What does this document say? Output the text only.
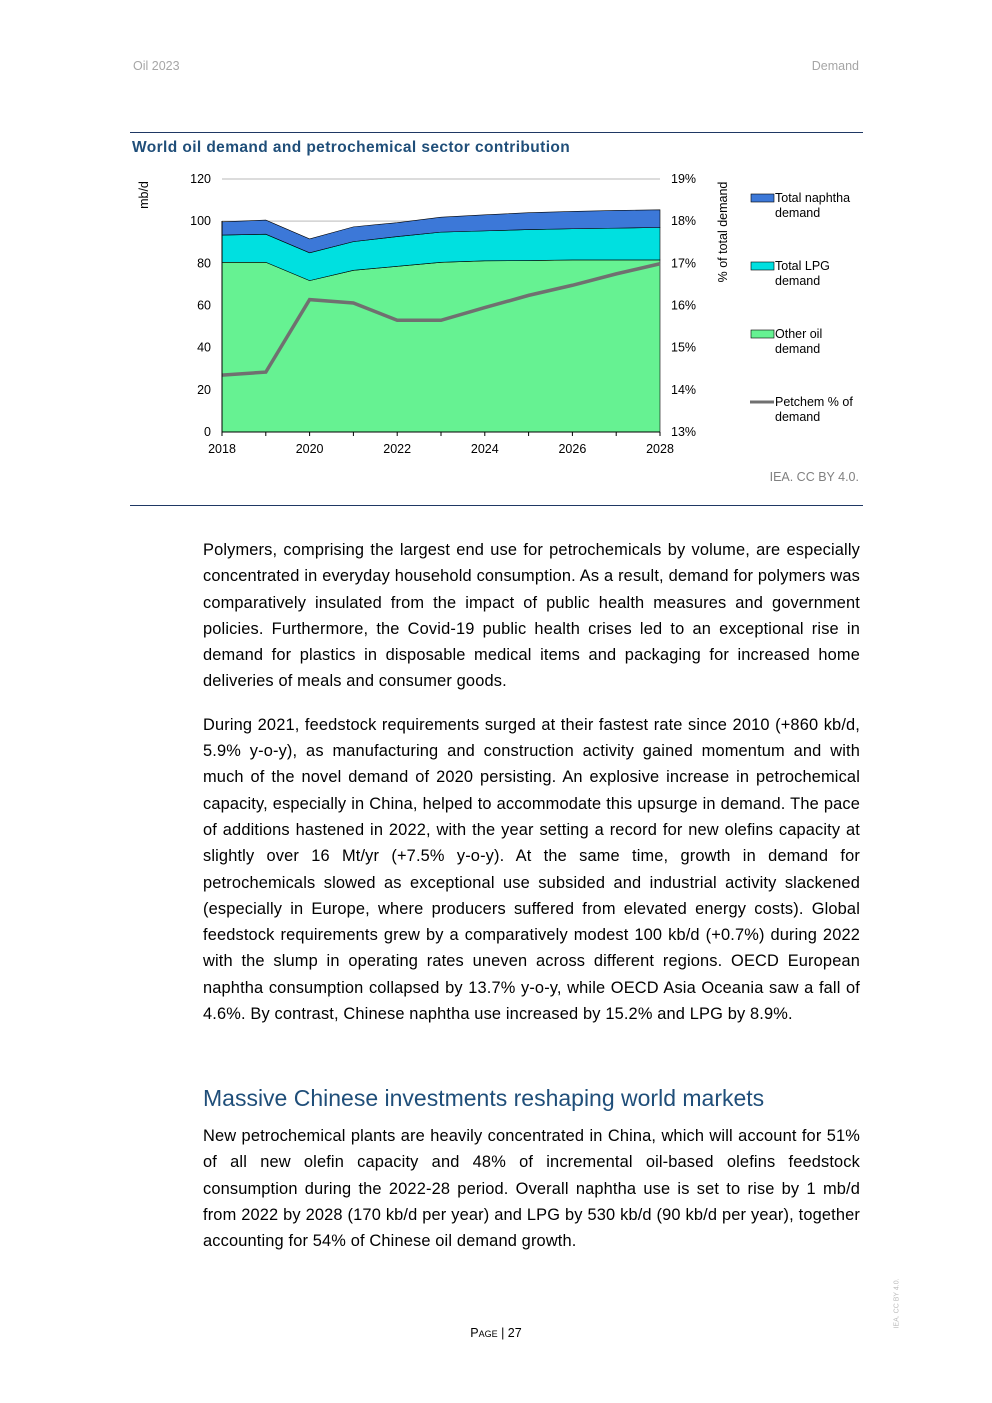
Oil 2023	Demand
World oil demand and petrochemical sector contribution
0
20
40
60
80
100
120
13%
14%
15%
16%
17%
18%
19%
2018	2020	2022	2024	2026	2028
Total naphtha
demand
Total LPG
demand
Other oil
demand
Petchem % of
demand
mb/d	% of total demand
IEA. CC BY 4.0.

Polymers, comprising the largest end use for petrochemicals by volume, are especially concentrated in everyday household consumption. As a result, demand for polymers was comparatively insulated from the impact of public health measures and government policies. Furthermore, the Covid-19 public health crises led to an exceptional rise in demand for plastics in disposable medical items and packaging for increased home deliveries of meals and consumer goods.

During 2021, feedstock requirements surged at their fastest rate since 2010 (+860 kb/d, 5.9% y-o-y), as manufacturing and construction activity gained momentum and with much of the novel demand of 2020 persisting. An explosive increase in petrochemical capacity, especially in China, helped to accommodate this upsurge in demand. The pace of additions hastened in 2022, with the year setting a record for new olefins capacity at slightly over 16 Mt/yr (+7.5% y-o-y). At the same time, growth in demand for petrochemicals slowed as exceptional use subsided and industrial activity slackened (especially in Europe, where producers suffered from elevated energy costs). Global feedstock requirements grew by a comparatively modest 100 kb/d (+0.7%) during 2022 with the slump in operating rates uneven across different regions. OECD European naphtha consumption collapsed by 13.7% y-o-y, while OECD Asia Oceania saw a fall of 4.6%. By contrast, Chinese naphtha use increased by 15.2% and LPG by 8.9%.

Massive Chinese investments reshaping world markets

New petrochemical plants are heavily concentrated in China, which will account for 51% of all new olefin capacity and 48% of incremental oil-based olefins feedstock consumption during the 2022-28 period. Overall naphtha use is set to rise by 1 mb/d from 2022 by 2028 (170 kb/d per year) and LPG by 530 kb/d (90 kb/d per year), together accounting for 54% of Chinese oil demand growth.

Page | 27
IEA. CC BY 4.0.
